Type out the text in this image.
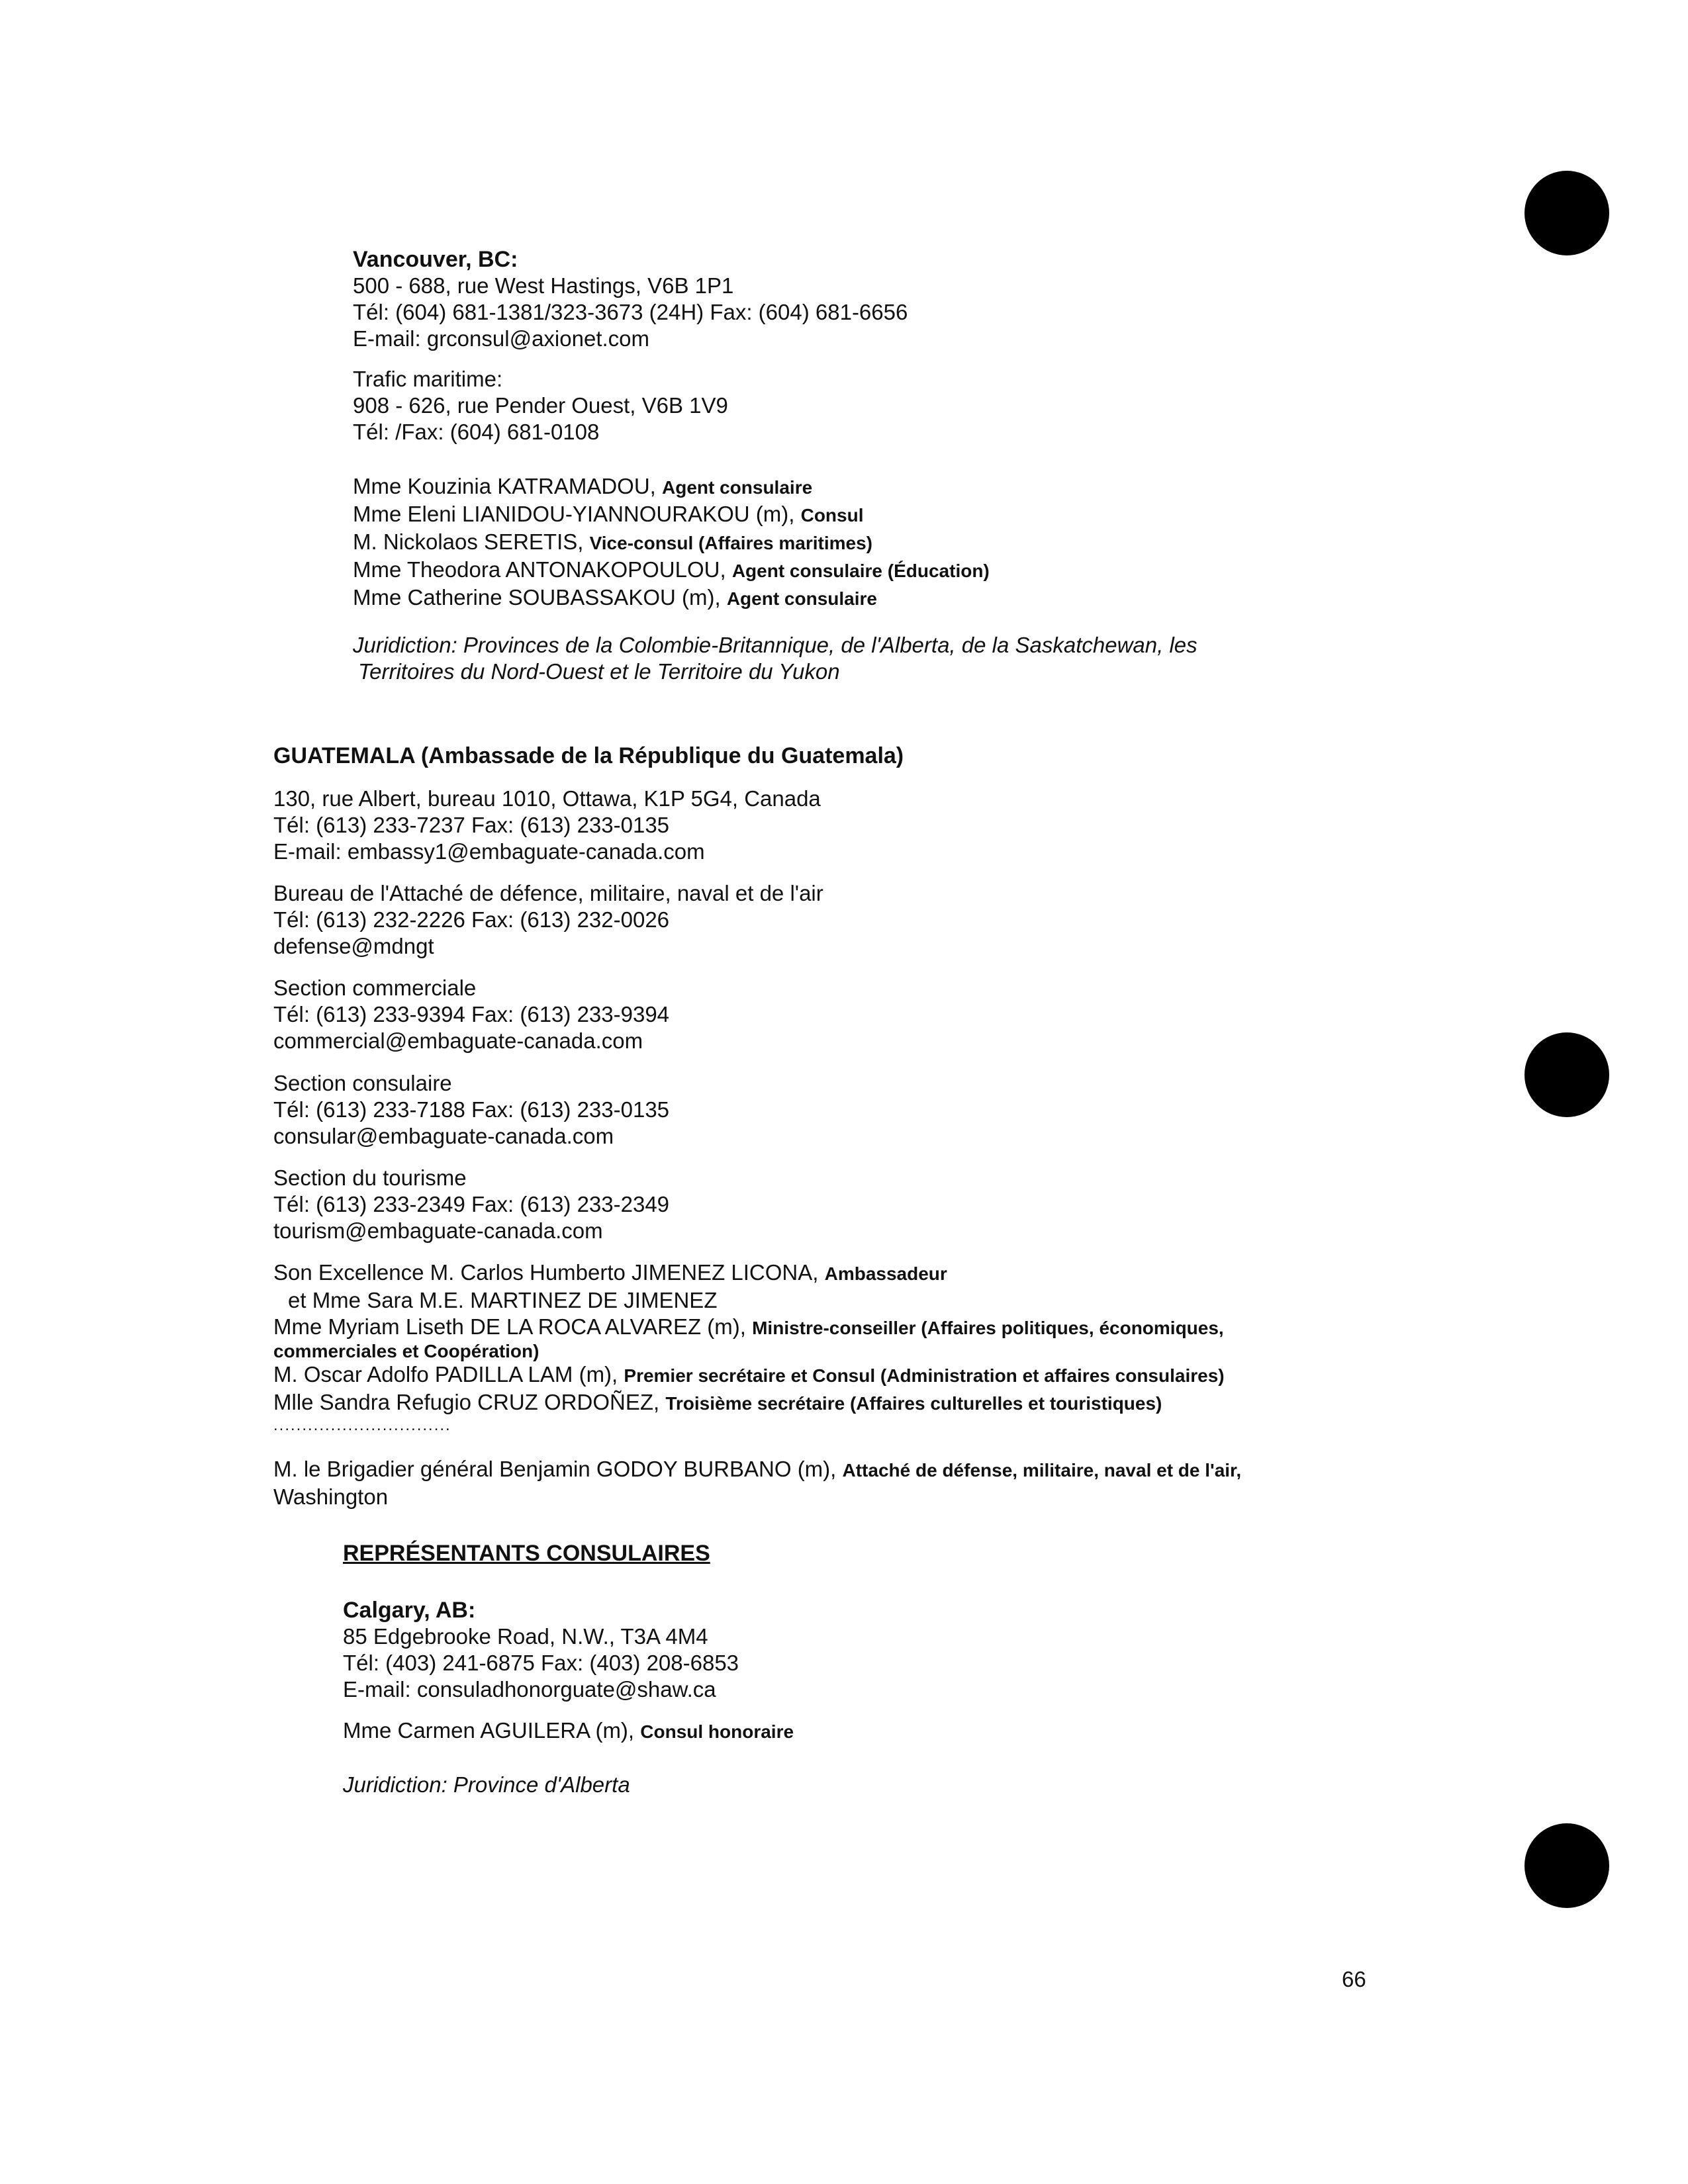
Vancouver, BC:
500 - 688, rue West Hastings, V6B 1P1
Tél: (604) 681-1381/323-3673 (24H) Fax: (604) 681-6656
E-mail: grconsul@axionet.com
Trafic maritime:
908 - 626, rue Pender Ouest, V6B 1V9
Tél: /Fax: (604) 681-0108
Mme Kouzinia KATRAMADOU, Agent consulaire
Mme Eleni LIANIDOU-YIANNOURAKOU (m), Consul
M. Nickolaos SERETIS, Vice-consul (Affaires maritimes)
Mme Theodora ANTONAKOPOULOU, Agent consulaire (Éducation)
Mme Catherine SOUBASSAKOU (m), Agent consulaire
Juridiction: Provinces de la Colombie-Britannique, de l'Alberta, de la Saskatchewan, les
Territoires du Nord-Ouest et le Territoire du Yukon
GUATEMALA (Ambassade de la République du Guatemala)
130, rue Albert, bureau 1010, Ottawa, K1P 5G4, Canada
Tél: (613) 233-7237 Fax: (613) 233-0135
E-mail: embassy1@embaguate-canada.com
Bureau de l'Attaché de défence, militaire, naval et de l'air
Tél: (613) 232-2226 Fax: (613) 232-0026
defense@mdngt
Section commerciale
Tél: (613) 233-9394 Fax: (613) 233-9394
commercial@embaguate-canada.com
Section consulaire
Tél: (613) 233-7188 Fax: (613) 233-0135
consular@embaguate-canada.com
Section du tourisme
Tél: (613) 233-2349 Fax: (613) 233-2349
tourism@embaguate-canada.com
Son Excellence M. Carlos Humberto JIMENEZ LICONA, Ambassadeur
et Mme Sara M.E. MARTINEZ DE JIMENEZ
Mme Myriam Liseth DE LA ROCA ALVAREZ (m), Ministre-conseiller (Affaires politiques, économiques,
commerciales et Coopération)
M. Oscar Adolfo PADILLA LAM (m), Premier secrétaire et Consul (Administration et affaires consulaires)
Mlle Sandra Refugio CRUZ ORDOÑEZ, Troisième secrétaire (Affaires culturelles et touristiques)
...............................
M. le Brigadier général Benjamin GODOY BURBANO (m), Attaché de défense, militaire, naval et de l'air,
Washington
REPRÉSENTANTS CONSULAIRES
Calgary, AB:
85 Edgebrooke Road, N.W., T3A 4M4
Tél: (403) 241-6875 Fax: (403) 208-6853
E-mail: consuladhonorguate@shaw.ca
Mme Carmen AGUILERA (m), Consul honoraire
Juridiction: Province d'Alberta
66
